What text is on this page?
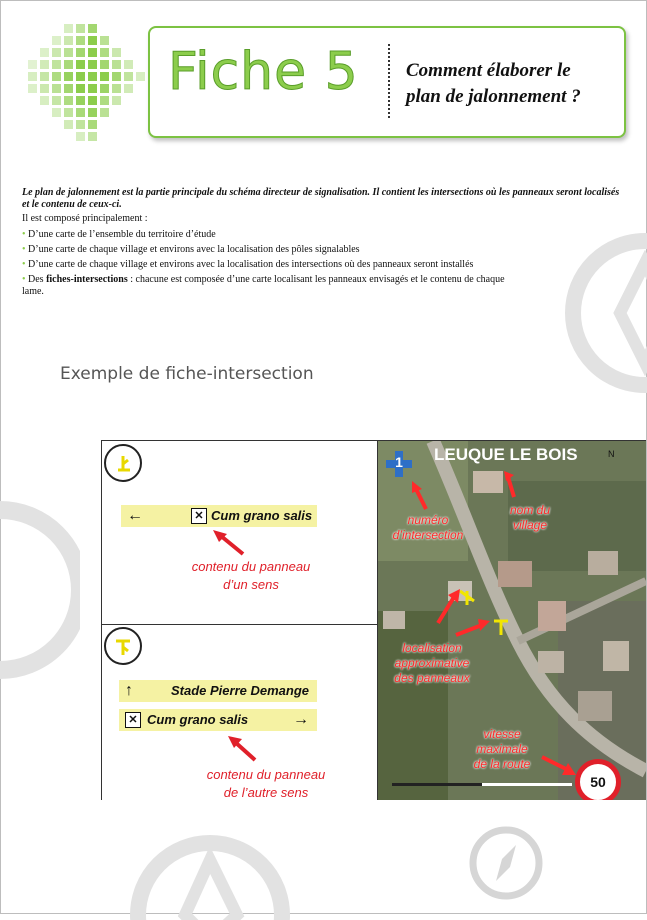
Fiche 5 Comment élaborer le
plan de jalonnement ?

Le plan de jalonnement est la partie principale du schéma directeur de signalisation. Il contient les intersections où les panneaux seront localisés et le contenu de ceux-ci.

Il est composé principalement :

• D’une carte de l’ensemble du territoire d’étude

• D’une carte de chaque village et environs avec la localisation des pôles signalables

• D’une carte de chaque village et environs avec la localisation des intersections où des panneaux seront installés

• Des fiches-intersections : chacune est composée d’une carte localisant les panneaux envisagés et le contenu de chaque lame.

Exemple de fiche-intersection
←	✕ Cum grano salis
contenu du panneau
d’un sens
↑	Stade Pierre Demange
✕ Cum grano salis	→
contenu du panneau
de l’autre sens
LEUQUE LE BOIS	N
1
numéro
d’intersection
nom du
village
localisation
approximative
des panneaux
vitesse
maximale
de la route
50
